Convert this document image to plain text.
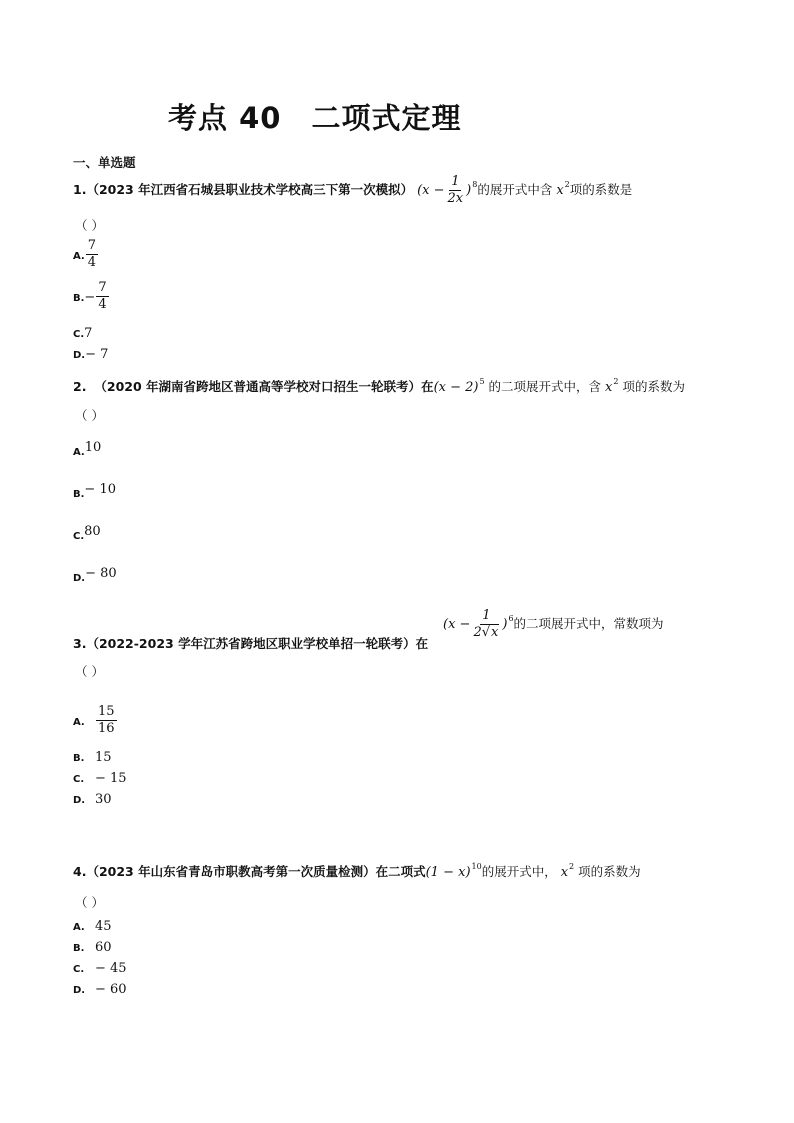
考点 40 二项式定理
一、单选题
1.（2023 年江西省石城县职业技术学校高三下第一次模拟） $(x - \frac{1}{2x} )^8$的展开式中含 $x^2$项的系数是
（ ）
A. $\frac{7}{4}$
$B.- \frac{7}{4}$
C.7
D.− 7
2. （2020 年湖南省跨地区普通高等学校对口招生一轮联考）在$(x - 2)^5$ 的二项展开式中，含 $x^2$ 项的系数为
（ ）
A.$^{10}$
B.$^{- 10}$
C.$^{80}$
D.$^{- 80}$
3.（2022-2023 学年江苏省跨地区职业学校单招一轮联考）在
$(x - \frac{1}{2√x} )^6$的二项展开式中，常数项为
（ ）
A. $\frac{15}{16}$
B. 15
C. − 15
D. 30
4.（2023 年山东省青岛市职教高考第一次质量检测）在二项式$(1 - x)^{10}$的展开式中， $x^2$ 项的系数为
（ ）
A. 45
B. 60
C. − 45
D. − 60
